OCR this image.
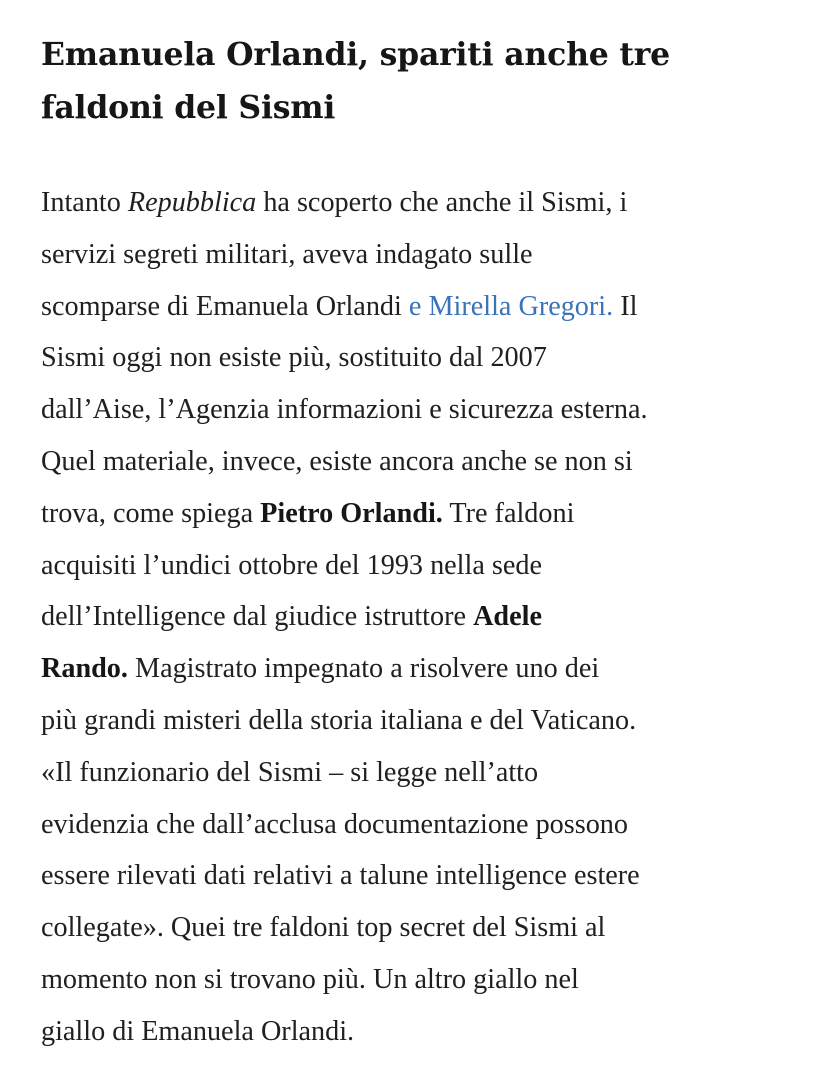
Emanuela Orlandi, spariti anche tre
faldoni del Sismi

Intanto Repubblica ha scoperto che anche il Sismi, i
servizi segreti militari, aveva indagato sulle
scomparse di Emanuela Orlandi e Mirella Gregori. Il
Sismi oggi non esiste più, sostituito dal 2007
dall’Aise, l’Agenzia informazioni e sicurezza esterna.
Quel materiale, invece, esiste ancora anche se non si
trova, come spiega Pietro Orlandi. Tre faldoni
acquisiti l’undici ottobre del 1993 nella sede
dell’Intelligence dal giudice istruttore Adele
Rando. Magistrato impegnato a risolvere uno dei
più grandi misteri della storia italiana e del Vaticano.
«Il funzionario del Sismi – si legge nell’atto
evidenzia che dall’acclusa documentazione possono
essere rilevati dati relativi a talune intelligence estere
collegate». Quei tre faldoni top secret del Sismi al
momento non si trovano più. Un altro giallo nel
giallo di Emanuela Orlandi.
